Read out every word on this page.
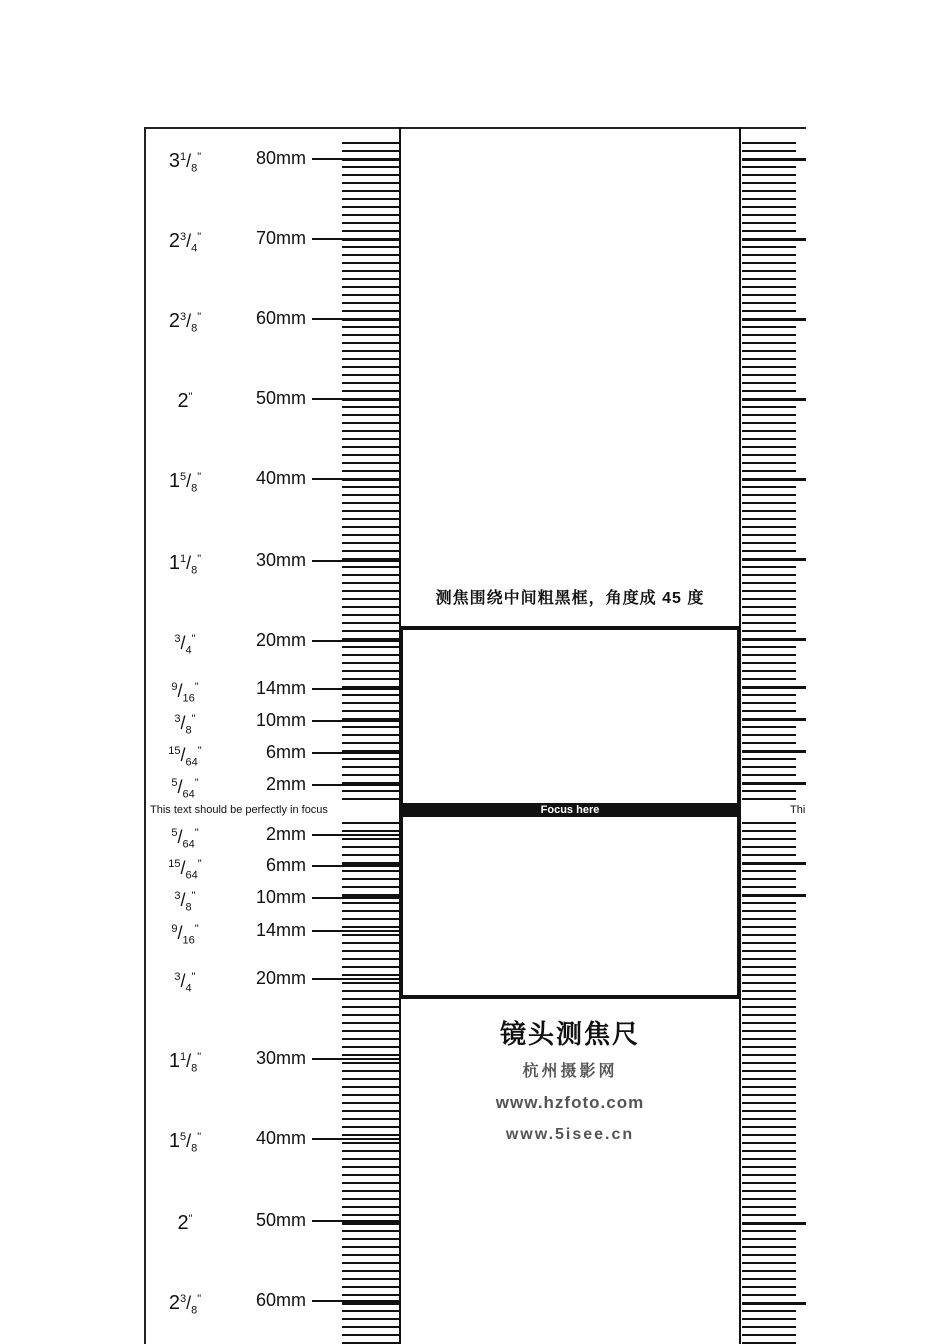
$3^1/_8^"$	80mm
$2^3/_4^"$	70mm
$2^3/_8^"$	60mm
2"	50mm
$1^5/_8^"$	40mm
$1^1/_8^"$	30mm
$^3/_4^"$	20mm
$^9/_{16}^"$	14mm
$^3/_8^"$	10mm
$^{15}/_{64}^"$	6mm
$^5/_{64}^"$	2mm
$^5/_{64}^"$	2mm
$^{15}/_{64}^"$	6mm
$^3/_8^"$	10mm
$^9/_{16}^"$	14mm
$^3/_4^"$	20mm
$1^1/_8^"$	30mm
$1^5/_8^"$	40mm
2"	50mm
$2^3/_8^"$	60mm
测焦围绕中间粗黑框，角度成 45 度
Focus here
This text should be perfectly in focus	Thi
镜头测焦尺
杭州摄影网
www.hzfoto.com
www.5isee.cn
